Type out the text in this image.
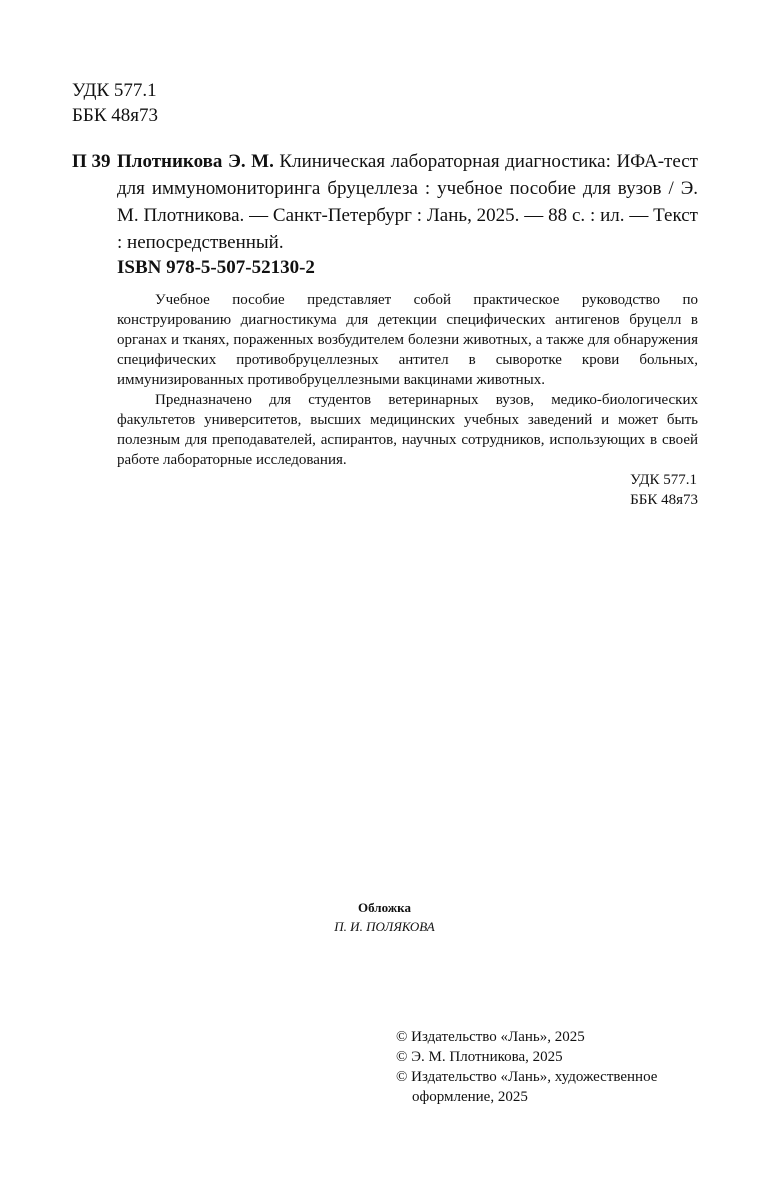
УДК 577.1
ББК 48я73
П 39 Плотникова Э. М. Клиническая лабораторная диагностика: ИФА-тест для иммуномониторинга бруцеллеза : учебное пособие для вузов / Э. М. Плотникова. — Санкт-Петербург : Лань, 2025. — 88 с. : ил. — Текст : непосредственный.
ISBN 978-5-507-52130-2

Учебное пособие представляет собой практическое руководство по конструированию диагностикума для детекции специфических антигенов бруцелл в органах и тканях, пораженных возбудителем болезни животных, а также для обнаружения специфических противобруцеллезных антител в сыворотке крови больных, иммунизированных противобруцеллезными вакцинами животных.

Предназначено для студентов ветеринарных вузов, медико-биологических факультетов университетов, высших медицинских учебных заведений и может быть полезным для преподавателей, аспирантов, научных сотрудников, использующих в своей работе лабораторные исследования.

УДК 577.1
ББК 48я73
Обложка
П. И. ПОЛЯКОВА
© Издательство «Лань», 2025
© Э. М. Плотникова, 2025
© Издательство «Лань», художественное оформление, 2025
